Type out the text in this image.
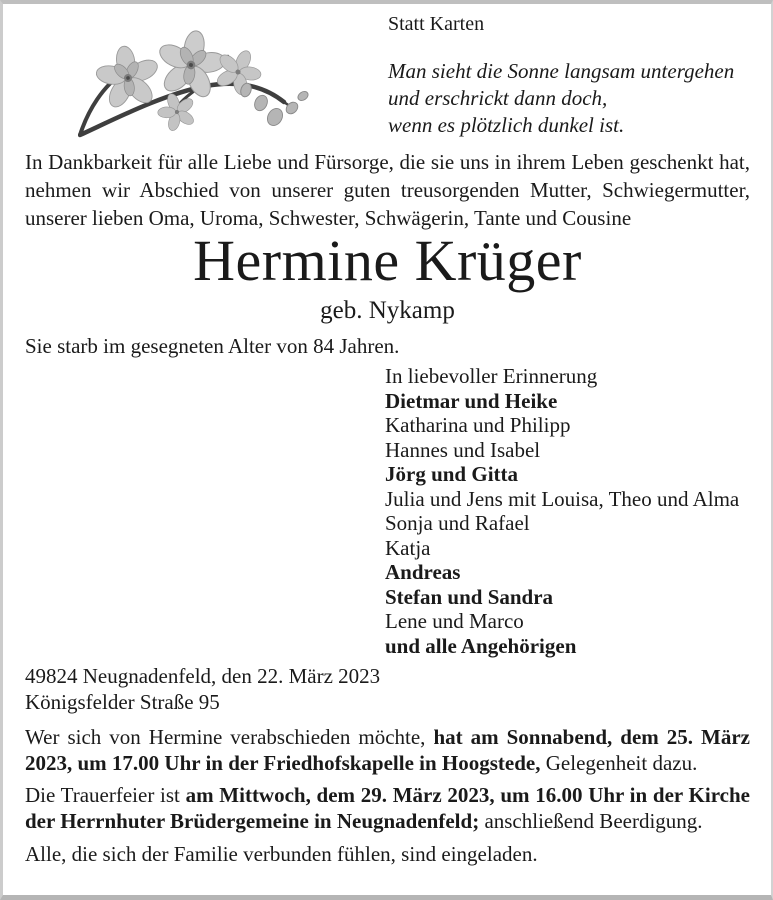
Statt Karten
Man sieht die Sonne langsam untergehen
und erschrickt dann doch,
wenn es plötzlich dunkel ist.

In Dankbarkeit für alle Liebe und Fürsorge, die sie uns in ihrem Leben geschenkt hat, nehmen wir Abschied von unserer guten treusorgenden Mutter, Schwiegermutter, unserer lieben Oma, Uroma, Schwester, Schwägerin, Tante und Cousine

Hermine Krüger
geb. Nykamp
Sie starb im gesegneten Alter von 84 Jahren.
In liebevoller Erinnerung
Dietmar und Heike
Katharina und Philipp
Hannes und Isabel
Jörg und Gitta
Julia und Jens mit Louisa, Theo und Alma
Sonja und Rafael
Katja
Andreas
Stefan und Sandra
Lene und Marco
und alle Angehörigen
49824 Neugnadenfeld, den 22. März 2023
Königsfelder Straße 95

Wer sich von Hermine verabschieden möchte, hat am Sonnabend, dem 25. März 2023, um 17.00 Uhr in der Friedhofskapelle in Hoogstede, Gelegenheit dazu.

Die Trauerfeier ist am Mittwoch, dem 29. März 2023, um 16.00 Uhr in der Kirche der Herrnhuter Brüdergemeine in Neugnadenfeld; anschließend Beerdigung.

Alle, die sich der Familie verbunden fühlen, sind eingeladen.
